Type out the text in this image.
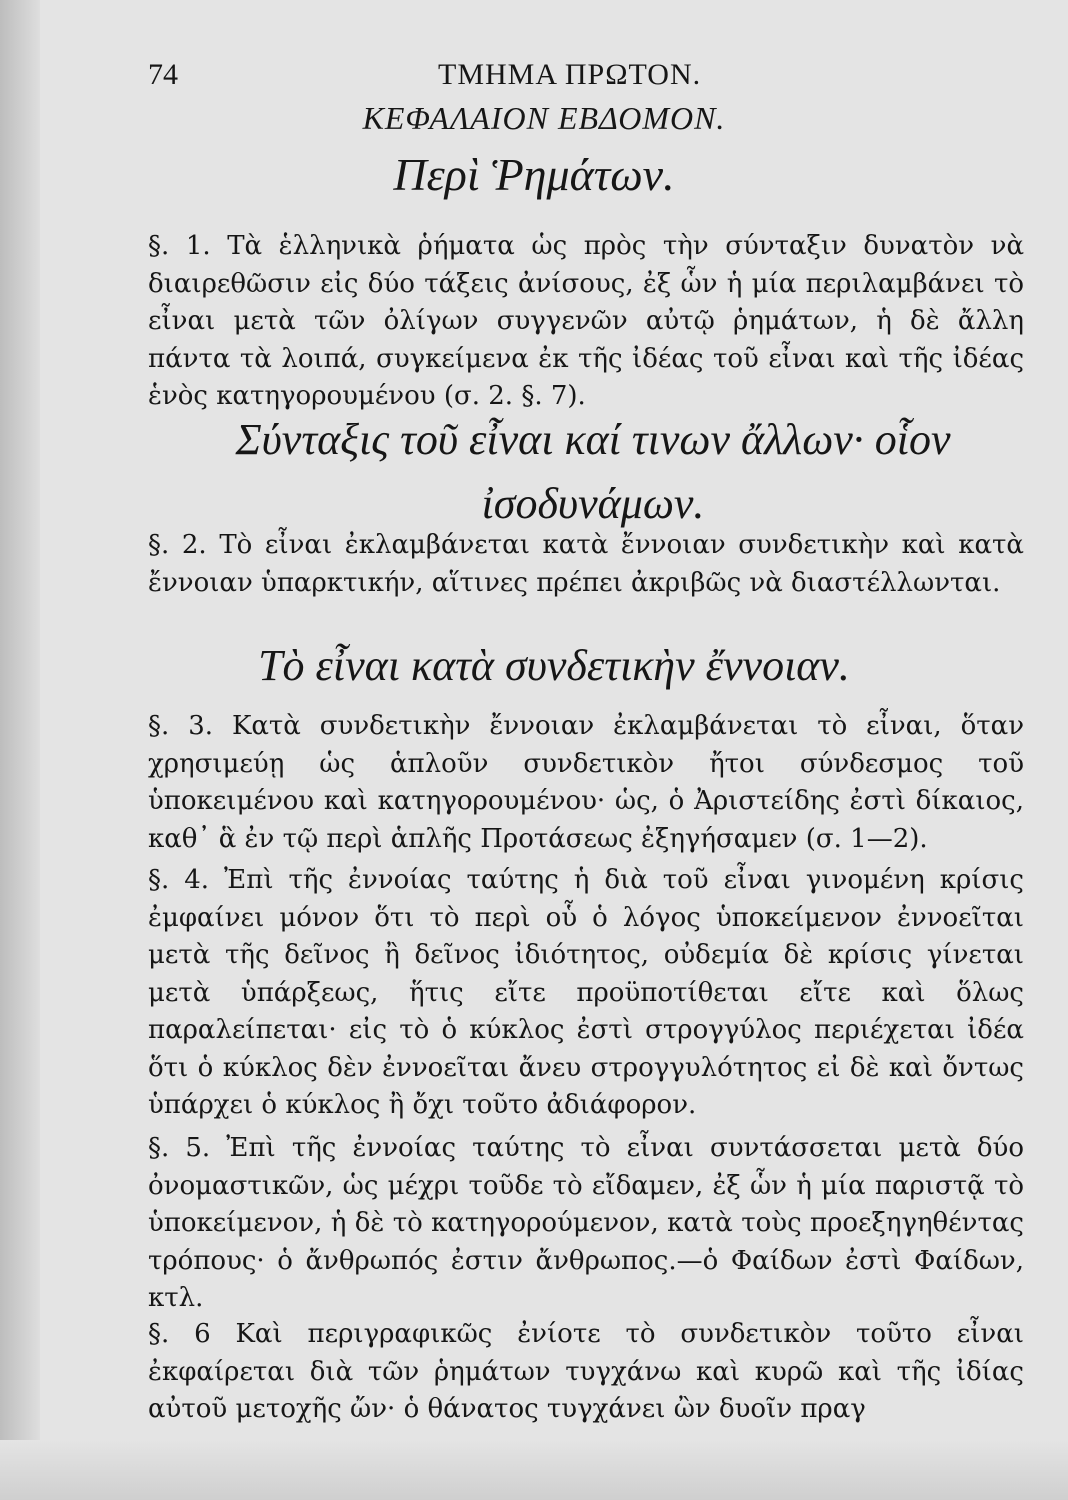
74	ΤΜΗΜΑ ΠΡΩΤΟΝ.
ΚΕΦΑΛΑΙΟΝ ΕΒΔΟΜΟΝ.
Περὶ Ῥημάτων.
§. 1. Τὰ ἑλληνικὰ ῥήματα ὡς πρὸς τὴν σύνταξιν δυνατὸν νὰ διαιρεθῶσιν εἰς δύο τάξεις ἀνίσους, ἐξ ὧν ἡ μία περιλαμβάνει τὸ εἶναι μετὰ τῶν ὀλίγων συγγενῶν αὐτῷ ῥημάτων, ἡ δὲ ἄλλη πάντα τὰ λοιπά, συγκείμενα ἐκ τῆς ἰδέας τοῦ εἶναι καὶ τῆς ἰδέας ἑνὸς κατηγορουμένου (σ. 2. §. 7).
Σύνταξις τοῦ εἶναι καί τινων ἄλλων· οἷον ἰσοδυνάμων.
§. 2. Τὸ εἶναι ἐκλαμβάνεται κατὰ ἔννοιαν συνδετικὴν καὶ κατὰ ἔννοιαν ὑπαρκτικήν, αἵτινες πρέπει ἀκριβῶς νὰ διαστέλλωνται.
Τὸ εἶναι κατὰ συνδετικὴν ἔννοιαν.
§. 3. Κατὰ συνδετικὴν ἔννοιαν ἐκλαμβάνεται τὸ εἶναι, ὅταν χρησιμεύῃ ὡς ἁπλοῦν συνδετικὸν ἤτοι σύνδεσμος τοῦ ὑποκειμένου καὶ κατηγορουμένου· ὡς, ὁ Ἀριστείδης ἐστὶ δίκαιος, καθ᾿ ἃ ἐν τῷ περὶ ἁπλῆς Προτάσεως ἐξηγήσαμεν (σ. 1—2).
§. 4. Ἐπὶ τῆς ἐννοίας ταύτης ἡ διὰ τοῦ εἶναι γινομένη κρίσις ἐμφαίνει μόνον ὅτι τὸ περὶ οὗ ὁ λόγος ὑποκείμενον ἐννοεῖται μετὰ τῆς δεῖνος ἢ δεῖνος ἰδιότητος, οὐδεμία δὲ κρίσις γίνεται μετὰ ὑπάρξεως, ἥτις εἴτε προϋποτίθεται εἴτε καὶ ὅλως παραλείπεται· εἰς τὸ ὁ κύκλος ἐστὶ στρογγύλος περιέχεται ἰδέα ὅτι ὁ κύκλος δὲν ἐννοεῖται ἄνευ στρογγυλότητος εἰ δὲ καὶ ὄντως ὑπάρχει ὁ κύκλος ἢ ὄχι τοῦτο ἀδιάφορον.
§. 5. Ἐπὶ τῆς ἐννοίας ταύτης τὸ εἶναι συντάσσεται μετὰ δύο ὀνομαστικῶν, ὡς μέχρι τοῦδε τὸ εἴδαμεν, ἐξ ὧν ἡ μία παριστᾷ τὸ ὑποκείμενον, ἡ δὲ τὸ κατηγορούμενον, κατὰ τοὺς προεξηγηθέντας τρόπους· ὁ ἄνθρωπός ἐστιν ἄνθρωπος.—ὁ Φαίδων ἐστὶ Φαίδων, κτλ.
§. 6 Καὶ περιγραφικῶς ἐνίοτε τὸ συνδετικὸν τοῦτο εἶναι ἐκφαίρεται διὰ τῶν ῥημάτων τυγχάνω καὶ κυρῶ καὶ τῆς ἰδίας αὐτοῦ μετοχῆς ὤν· ὁ θάνατος τυγχάνει ὢν δυοῖν πραγ
